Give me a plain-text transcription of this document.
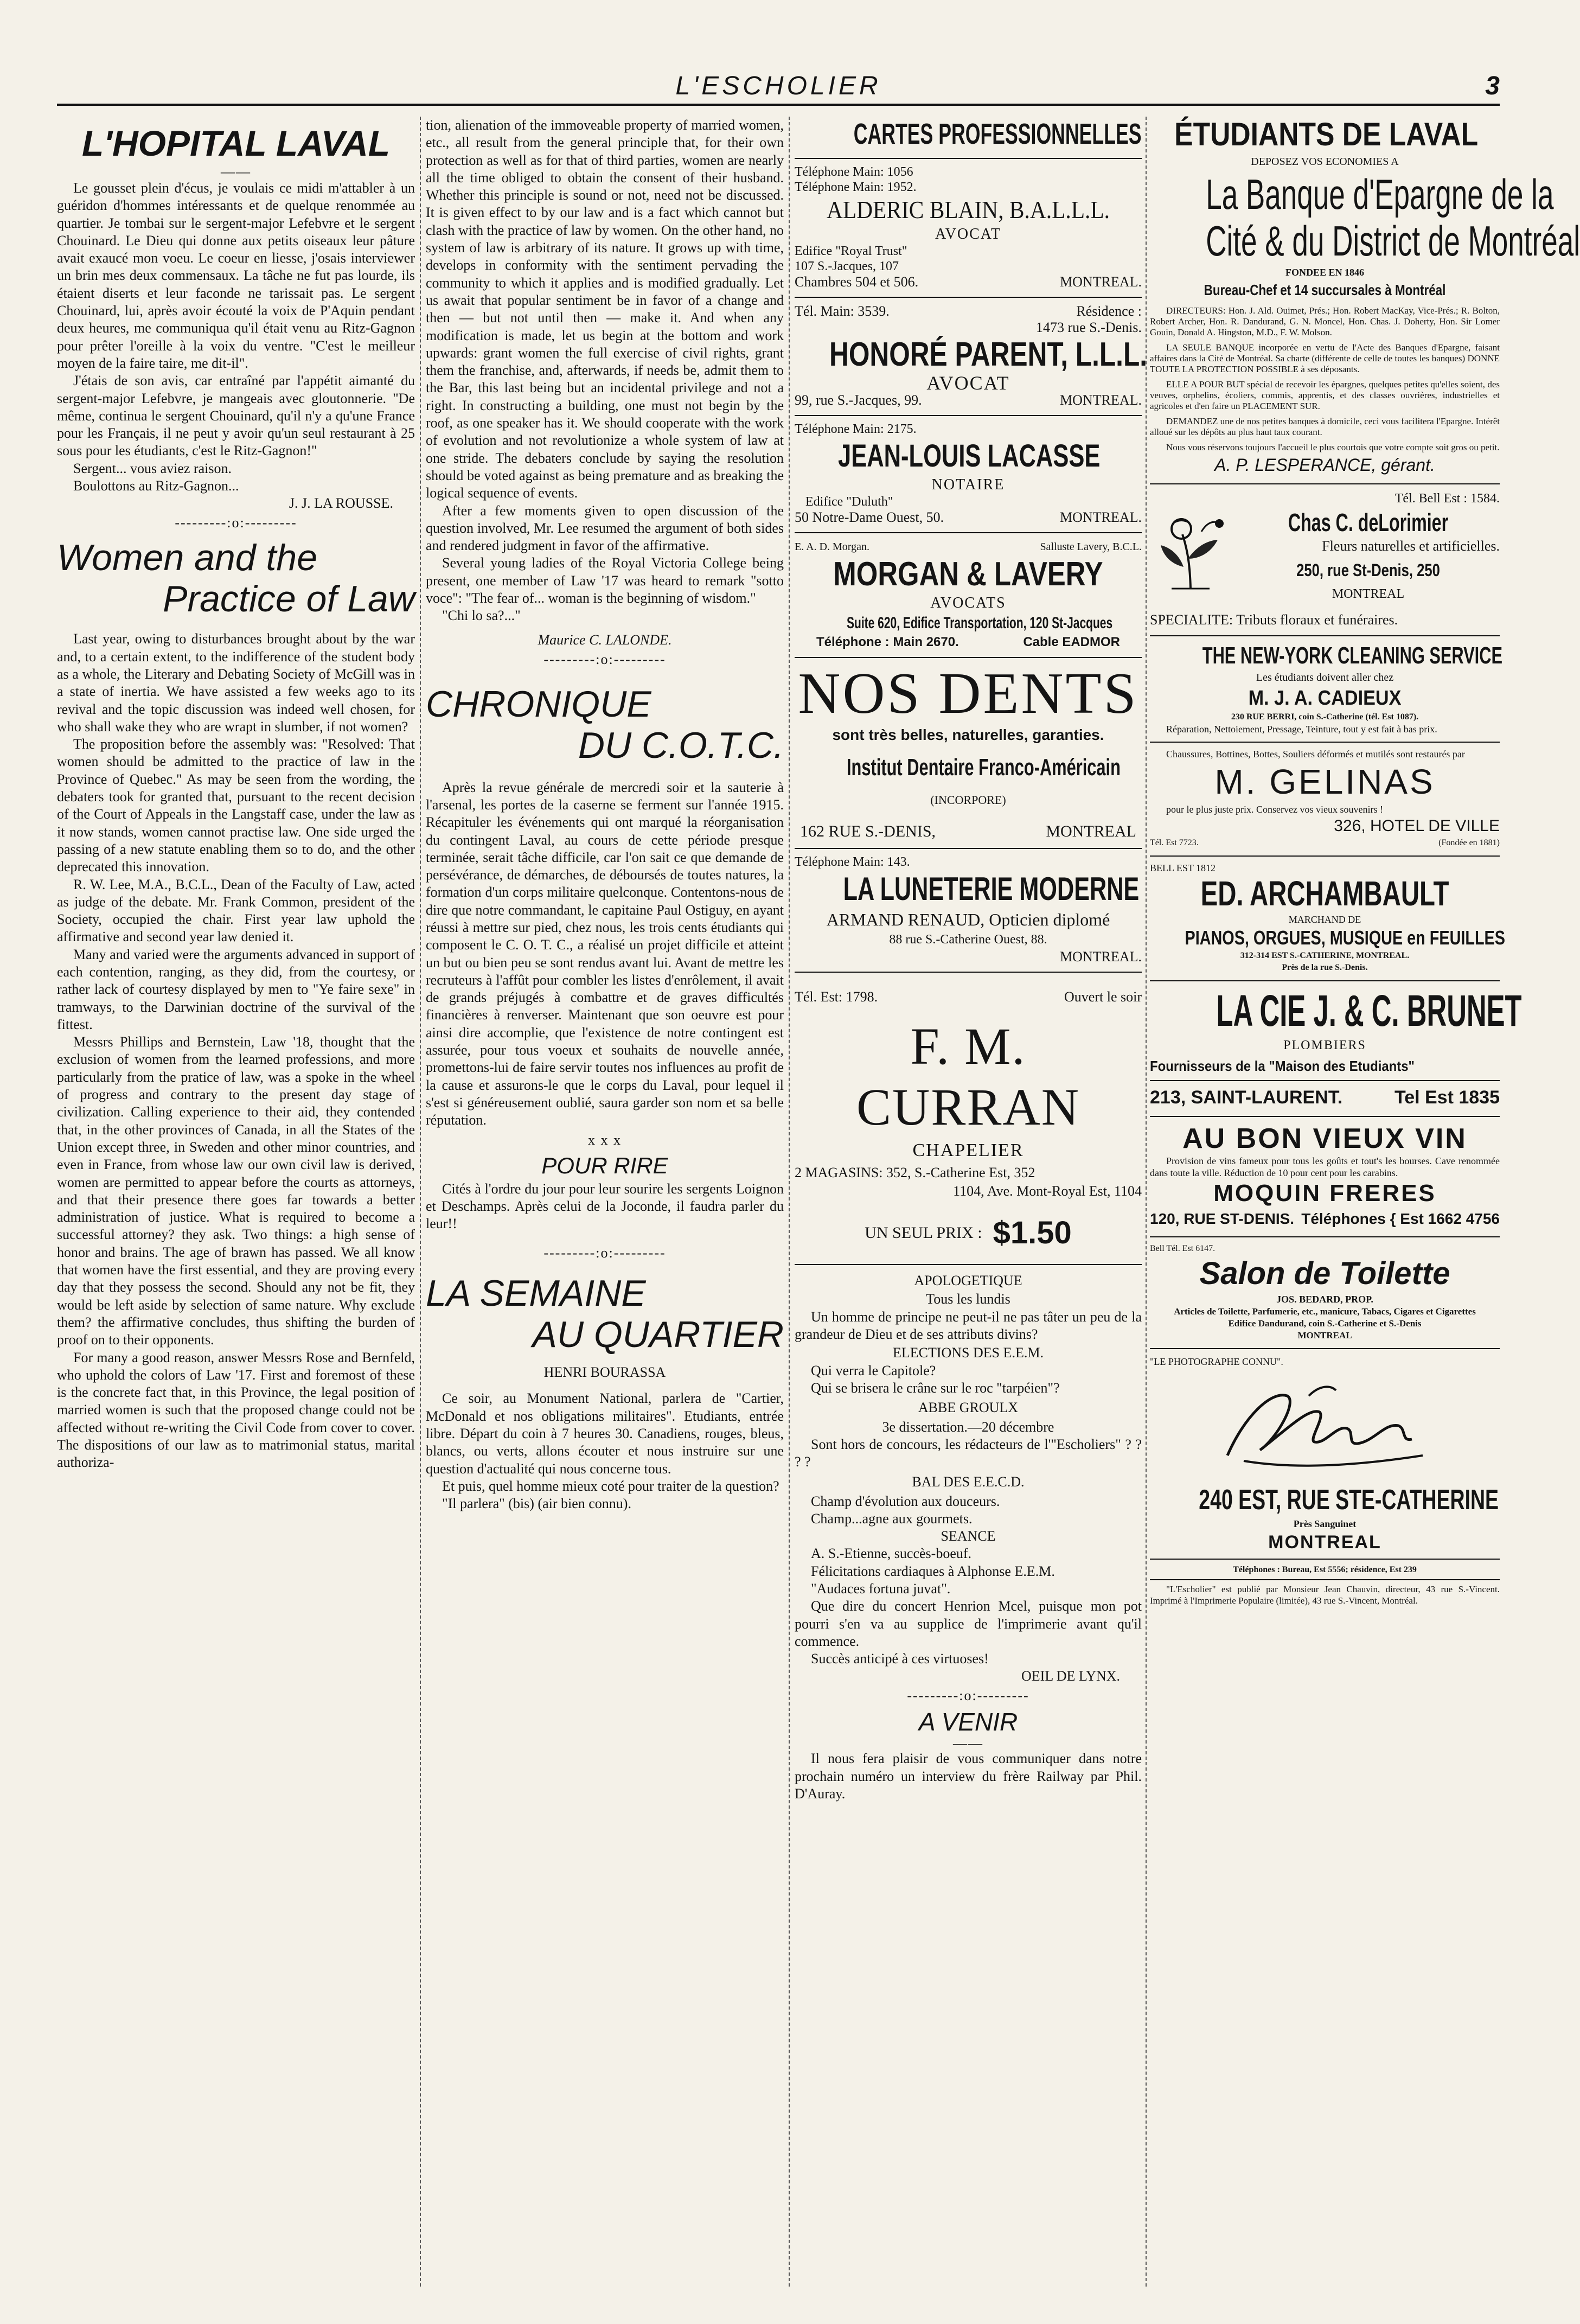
L'ESCHOLIER	3
L'HOPITAL LAVAL
——

Le gousset plein d'écus, je voulais ce midi m'attabler à un guéridon d'hommes intéressants et de quelque renommée au quartier. Je tombai sur le sergent-major Lefebvre et le sergent Chouinard. Le Dieu qui donne aux petits oiseaux leur pâture avait exaucé mon voeu. Le coeur en liesse, j'osais interviewer un brin mes deux commensaux. La tâche ne fut pas lourde, ils étaient diserts et leur faconde ne tarissait pas. Le sergent Chouinard, lui, après avoir écouté la voix de P'Aquin pendant deux heures, me communiqua qu'il était venu au Ritz-Gagnon pour prêter l'oreille à la voix du ventre. "C'est le meilleur moyen de la faire taire, me dit-il".

J'étais de son avis, car entraîné par l'appétit aimanté du sergent-major Lefebvre, je mangeais avec gloutonnerie. "De même, continua le sergent Chouinard, qu'il n'y a qu'une France pour les Français, il ne peut y avoir qu'un seul restaurant à 25 sous pour les étudiants, c'est le Ritz-Gagnon!"

Sergent... vous aviez raison.

Boulottons au Ritz-Gagnon...

J. J. LA ROUSSE.
---------:o:---------
Women and the
Practice of Law

Last year, owing to disturbances brought about by the war and, to a certain extent, to the indifference of the student body as a whole, the Literary and Debating Society of McGill was in a state of inertia. We have assisted a few weeks ago to its revival and the topic discussion was indeed well chosen, for who shall wake they who are wrapt in slumber, if not women?

The proposition before the assembly was: "Resolved: That women should be admitted to the practice of law in the Province of Quebec." As may be seen from the wording, the debaters took for granted that, pursuant to the recent decision of the Court of Appeals in the Langstaff case, under the law as it now stands, women cannot practise law. One side urged the passing of a new statute enabling them so to do, and the other deprecated this innovation.

R. W. Lee, M.A., B.C.L., Dean of the Faculty of Law, acted as judge of the debate. Mr. Frank Common, president of the Society, occupied the chair. First year law uphold the affirmative and second year law denied it.

Many and varied were the arguments advanced in support of each contention, ranging, as they did, from the courtesy, or rather lack of courtesy displayed by men to "Ye faire sexe" in tramways, to the Darwinian doctrine of the survival of the fittest.

Messrs Phillips and Bernstein, Law '18, thought that the exclusion of women from the learned professions, and more particularly from the pratice of law, was a spoke in the wheel of progress and contrary to the present day stage of civilization. Calling experience to their aid, they contended that, in the other provinces of Canada, in all the States of the Union except three, in Sweden and other minor countries, and even in France, from whose law our own civil law is derived, women are permitted to appear before the courts as attorneys, and that their presence there goes far towards a better administration of justice. What is required to become a successful attorney? they ask. Two things: a high sense of honor and brains. The age of brawn has passed. We all know that women have the first essential, and they are proving every day that they possess the second. Should any not be fit, they would be left aside by selection of same nature. Why exclude them? the affirmative concludes, thus shifting the burden of proof on to their opponents.

For many a good reason, answer Messrs Rose and Bernfeld, who uphold the colors of Law '17. First and foremost of these is the concrete fact that, in this Province, the legal position of married women is such that the proposed change could not be affected without re-writing the Civil Code from cover to cover. The dispositions of our law as to matrimonial status, marital authoriza-

tion, alienation of the immoveable property of married women, etc., all result from the general principle that, for their own protection as well as for that of third parties, women are nearly all the time obliged to obtain the consent of their husband. Whether this principle is sound or not, need not be discussed. It is given effect to by our law and is a fact which cannot but clash with the practice of law by women. On the other hand, no system of law is arbitrary of its nature. It grows up with time, develops in conformity with the sentiment pervading the community to which it applies and is modified gradually. Let us await that popular sentiment be in favor of a change and then — but not until then — make it. And when any modification is made, let us begin at the bottom and work upwards: grant women the full exercise of civil rights, grant them the franchise, and, afterwards, if needs be, admit them to the Bar, this last being but an incidental privilege and not a right. In constructing a building, one must not begin by the roof, as one speaker has it. We should cooperate with the work of evolution and not revolutionize a whole system of law at one stride. The debaters conclude by saying the resolution should be voted against as being premature and as breaking the logical sequence of events.

After a few moments given to open discussion of the question involved, Mr. Lee resumed the argument of both sides and rendered judgment in favor of the affirmative.

Several young ladies of the Royal Victoria College being present, one member of Law '17 was heard to remark "sotto voce": "The fear of... woman is the beginning of wisdom."

"Chi lo sa?..."

Maurice C. LALONDE.
---------:o:---------
CHRONIQUE
DU C.O.T.C.

Après la revue générale de mercredi soir et la sauterie à l'arsenal, les portes de la caserne se ferment sur l'année 1915. Récapituler les événements qui ont marqué la réorganisation du contingent Laval, au cours de cette période presque terminée, serait tâche difficile, car l'on sait ce que demande de persévérance, de démarches, de déboursés de toutes natures, la formation d'un corps militaire quelconque. Contentons-nous de dire que notre commandant, le capitaine Paul Ostiguy, en ayant réussi à mettre sur pied, chez nous, les trois cents étudiants qui composent le C. O. T. C., a réalisé un projet difficile et atteint un but ou bien peu se sont rendus avant lui. Avant de mettre les recruteurs à l'affût pour combler les listes d'enrôlement, il avait de grands préjugés à combattre et de graves difficultés financières à renverser. Maintenant que son oeuvre est pour ainsi dire accomplie, que l'existence de notre contingent est assurée, pour tous voeux et souhaits de nouvelle année, promettons-lui de faire servir toutes nos influences au profit de la cause et assurons-le que le corps du Laval, pour lequel il s'est si généreusement oublié, saura garder son nom et sa belle réputation.

x x x
POUR RIRE

Cités à l'ordre du jour pour leur sourire les sergents Loignon et Deschamps. Après celui de la Joconde, il faudra parler du leur!!

---------:o:---------
LA SEMAINE
AU QUARTIER
HENRI BOURASSA

Ce soir, au Monument National, parlera de "Cartier, McDonald et nos obligations militaires". Etudiants, entrée libre. Départ du coin à 7 heures 30. Canadiens, rouges, bleus, blancs, ou verts, allons écouter et nous instruire sur une question d'actualité qui nous concerne tous.

Et puis, quel homme mieux coté pour traiter de la question?

"Il parlera" (bis) (air bien connu).

CARTES PROFESSIONNELLES
Téléphone Main: 1056
Téléphone Main: 1952.
ALDERIC BLAIN, B.A.L.L.L.
AVOCAT
Edifice "Royal Trust"
107 S.-Jacques, 107
Chambres 504 et 506.	MONTREAL.
Tél. Main: 3539.	Résidence :
1473 rue S.-Denis.
HONORÉ PARENT, L.L.L.
AVOCAT
99, rue S.-Jacques, 99.	MONTREAL.
Téléphone Main: 2175.
JEAN-LOUIS LACASSE
NOTAIRE
Edifice "Duluth"
50 Notre-Dame Ouest, 50.	MONTREAL.
E. A. D. Morgan.	Salluste Lavery, B.C.L.
MORGAN & LAVERY
AVOCATS
Suite 620, Edifice Transportation, 120 St-Jacques
Téléphone : Main 2670.	Cable EADMOR
NOS DENTS
sont très belles, naturelles, garanties.
Institut Dentaire Franco-Américain
(INCORPORE)
162 RUE S.-DENIS,	MONTREAL
Téléphone Main: 143.
LA LUNETERIE MODERNE
ARMAND RENAUD, Opticien diplomé
88 rue S.-Catherine Ouest, 88.
MONTREAL.
Tél. Est: 1798.	Ouvert le soir
F. M. CURRAN
CHAPELIER
2 MAGASINS: 352, S.-Catherine Est, 352
1104, Ave. Mont-Royal Est, 1104
UN SEUL PRIX : $1.50
APOLOGETIQUE
Tous les lundis

Un homme de principe ne peut-il ne pas tâter un peu de la grandeur de Dieu et de ses attributs divins?

ELECTIONS DES E.E.M.

Qui verra le Capitole?

Qui se brisera le crâne sur le roc "tarpéien"?

ABBE GROULX
3e dissertation.—20 décembre

Sont hors de concours, les rédacteurs de l'"Escholiers" ? ? ? ?

BAL DES E.E.C.D.

Champ d'évolution aux douceurs.

Champ...agne aux gourmets.

SEANCE

A. S.-Etienne, succès-boeuf.

Félicitations cardiaques à Alphonse E.E.M.

"Audaces fortuna juvat".

Que dire du concert Henrion Mcel, puisque mon pot pourri s'en va au supplice de l'imprimerie avant qu'il commence.

Succès anticipé à ces virtuoses!

OEIL DE LYNX.
---------:o:---------
A VENIR
——

Il nous fera plaisir de vous communiquer dans notre prochain numéro un interview du frère Railway par Phil. D'Auray.

ÉTUDIANTS DE LAVAL
DEPOSEZ VOS ECONOMIES A
La Banque d'Epargne de la
Cité & du District de Montréal
FONDEE EN 1846
Bureau-Chef et 14 succursales à Montréal

DIRECTEURS: Hon. J. Ald. Ouimet, Prés.; Hon. Robert MacKay, Vice-Prés.; R. Bolton, Robert Archer, Hon. R. Dandurand, G. N. Moncel, Hon. Chas. J. Doherty, Hon. Sir Lomer Gouin, Donald A. Hingston, M.D., F. W. Molson.

LA SEULE BANQUE incorporée en vertu de l'Acte des Banques d'Epargne, faisant affaires dans la Cité de Montréal. Sa charte (différente de celle de toutes les banques) DONNE TOUTE LA PROTECTION POSSIBLE à ses déposants.

ELLE A POUR BUT spécial de recevoir les épargnes, quelques petites qu'elles soient, des veuves, orphelins, écoliers, commis, apprentis, et des classes ouvrières, industrielles et agricoles et d'en faire un PLACEMENT SUR.

DEMANDEZ une de nos petites banques à domicile, ceci vous facilitera l'Epargne. Intérêt alloué sur les dépôts au plus haut taux courant.

Nous vous réservons toujours l'accueil le plus courtois que votre compte soit gros ou petit.

A. P. LESPERANCE, gérant.
Tél. Bell Est : 1584.
Chas C. deLorimier
Fleurs naturelles et artificielles.
250, rue St-Denis, 250
MONTREAL
SPECIALITE: Tributs floraux et funéraires.
THE NEW-YORK CLEANING SERVICE
Les étudiants doivent aller chez
M. J. A. CADIEUX
230 RUE BERRI, coin S.-Catherine (tél. Est 1087).

Réparation, Nettoiement, Pressage, Teinture, tout y est fait à bas prix.

Chaussures, Bottines, Bottes, Souliers déformés et mutilés sont restaurés par

M. GELINAS

pour le plus juste prix. Conservez vos vieux souvenirs !

326, HOTEL DE VILLE
Tél. Est 7723.	(Fondée en 1881)
BELL EST 1812
ED. ARCHAMBAULT
MARCHAND DE
PIANOS, ORGUES, MUSIQUE en FEUILLES
312-314 EST S.-CATHERINE, MONTREAL.
Près de la rue S.-Denis.
LA CIE J. & C. BRUNET
PLOMBIERS
Fournisseurs de la "Maison des Etudiants"
213, SAINT-LAURENT.	Tel Est 1835
AU BON VIEUX VIN

Provision de vins fameux pour tous les goûts et tout's les bourses. Cave renommée dans toute la ville. Réduction de 10 pour cent pour les carabins.

MOQUIN FRERES
120, RUE ST-DENIS. Téléphones { Est 1662 4756
Bell Tél. Est 6147.
Salon de Toilette
JOS. BEDARD, PROP.
Articles de Toilette, Parfumerie, etc., manicure, Tabacs, Cigares et Cigarettes
Edifice Dandurand, coin S.-Catherine et S.-Denis
MONTREAL
"LE PHOTOGRAPHE CONNU".
240 EST, RUE STE-CATHERINE
Près Sanguinet
MONTREAL
Téléphones : Bureau, Est 5556; résidence, Est 239

"L'Escholier" est publié par Monsieur Jean Chauvin, directeur, 43 rue S.-Vincent. Imprimé à l'Imprimerie Populaire (limitée), 43 rue S.-Vincent, Montréal.
